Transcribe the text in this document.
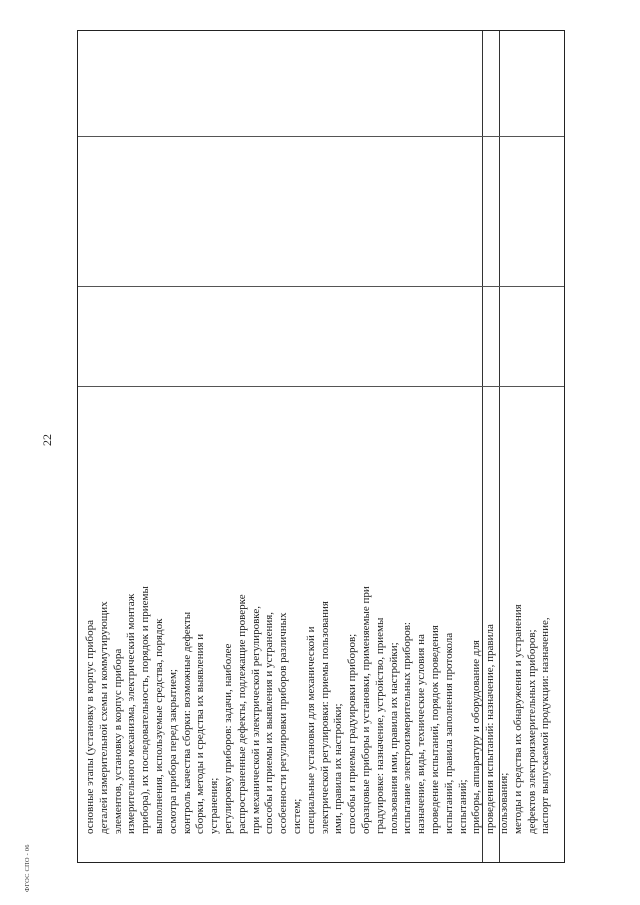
22
ФГОС СПО - 06
основные этапы (установку в корпус прибора деталей измерительной схемы и коммутирующих элементов, установку в корпус прибора измерительного механизма, электрический монтаж прибора), их последовательность, порядок и приемы выполнения, используемые средства, порядок осмотра прибора перед закрытием; контроль качества сборки: возможные дефекты сборки, методы и средства их выявления и устранения; регулировку приборов: задачи, наиболее распространенные дефекты, подлежащие проверке при механической и электрической регулировке, способы и приемы их выявления и устранения, особенности регулировки приборов различных систем; специальные установки для механической и электрической регулировки: приемы пользования ими, правила их настройки; способы и приемы градуировки приборов; образцовые приборы и установки, применяемые при градуировке: назначение, устройство, приемы пользования ими, правила их настройки; испытание электроизмерительных приборов: назначение, виды, технические условия на проведение испытаний, порядок проведения испытаний, правила заполнения протокола испытаний; приборы, аппаратуру и оборудование для проведения испытаний: назначение, правила пользования; методы и средства их обнаружения и устранения дефектов электроизмерительных приборов; паспорт выпускаемой продукции: назначение,
